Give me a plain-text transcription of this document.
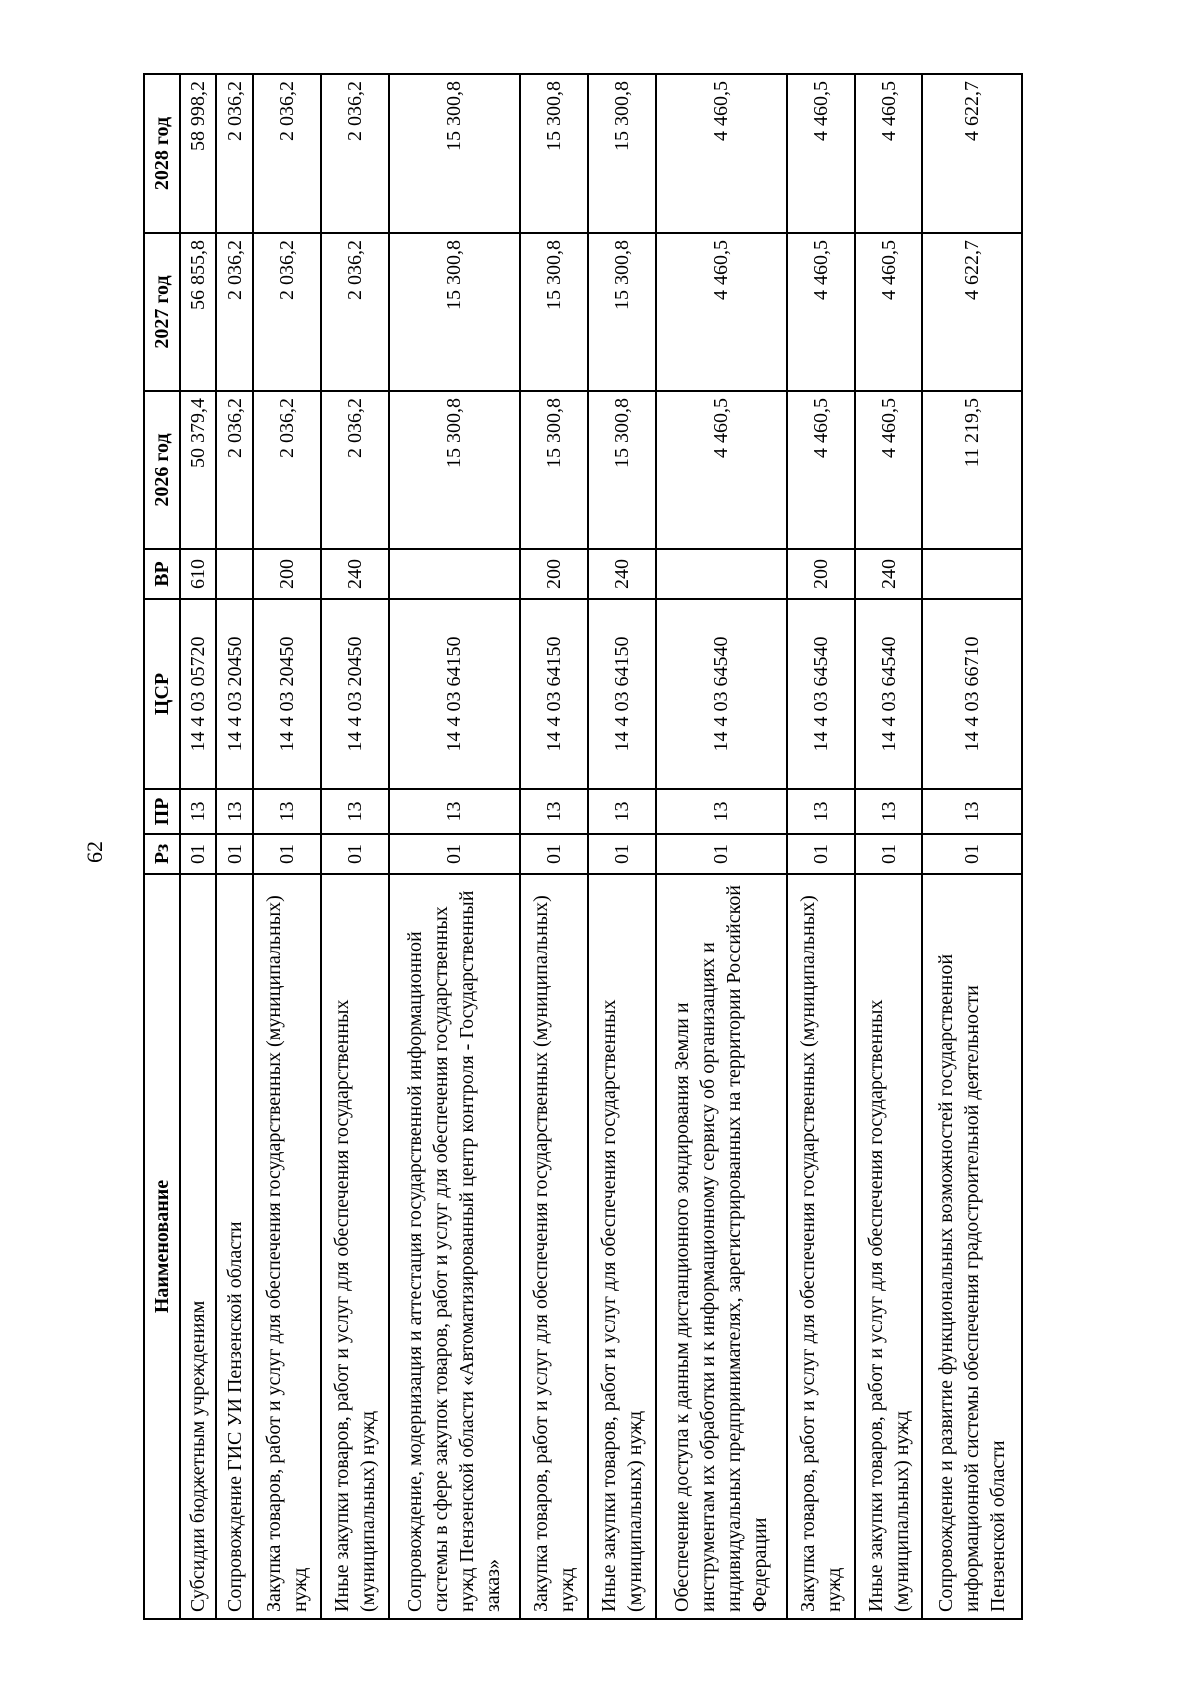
62
Наименование	Рз	ПР	ЦСР	ВР	2026 год	2027 год	2028 год
Субсидии бюджетным учреждениям	01	13	14 4 03 05720	610	50 379,4	56 855,8	58 998,2
Сопровождение ГИС УИ Пензенской области	01	13	14 4 03 20450		2 036,2	2 036,2	2 036,2
Закупка товаров, работ и услуг для обеспечения государственных (муниципальных) нужд	01	13	14 4 03 20450	200	2 036,2	2 036,2	2 036,2
Иные закупки товаров, работ и услуг для обеспечения государственных (муниципальных) нужд	01	13	14 4 03 20450	240	2 036,2	2 036,2	2 036,2
Сопровождение, модернизация и аттестация государственной информационной системы в сфере закупок товаров, работ и услуг для обеспечения государственных нужд Пензенской области «Автоматизированный центр контроля - Государственный заказ»	01	13	14 4 03 64150		15 300,8	15 300,8	15 300,8
Закупка товаров, работ и услуг для обеспечения государственных (муниципальных) нужд	01	13	14 4 03 64150	200	15 300,8	15 300,8	15 300,8
Иные закупки товаров, работ и услуг для обеспечения государственных (муниципальных) нужд	01	13	14 4 03 64150	240	15 300,8	15 300,8	15 300,8
Обеспечение доступа к данным дистанционного зондирования Земли и инструментам их обработки и к информационному сервису об организациях и индивидуальных предпринимателях, зарегистрированных на территории Российской Федерации	01	13	14 4 03 64540		4 460,5	4 460,5	4 460,5
Закупка товаров, работ и услуг для обеспечения государственных (муниципальных) нужд	01	13	14 4 03 64540	200	4 460,5	4 460,5	4 460,5
Иные закупки товаров, работ и услуг для обеспечения государственных (муниципальных) нужд	01	13	14 4 03 64540	240	4 460,5	4 460,5	4 460,5
Сопровождение и развитие функциональных возможностей государственной информационной системы обеспечения градостроительной деятельности Пензенской области	01	13	14 4 03 66710		11 219,5	4 622,7	4 622,7
